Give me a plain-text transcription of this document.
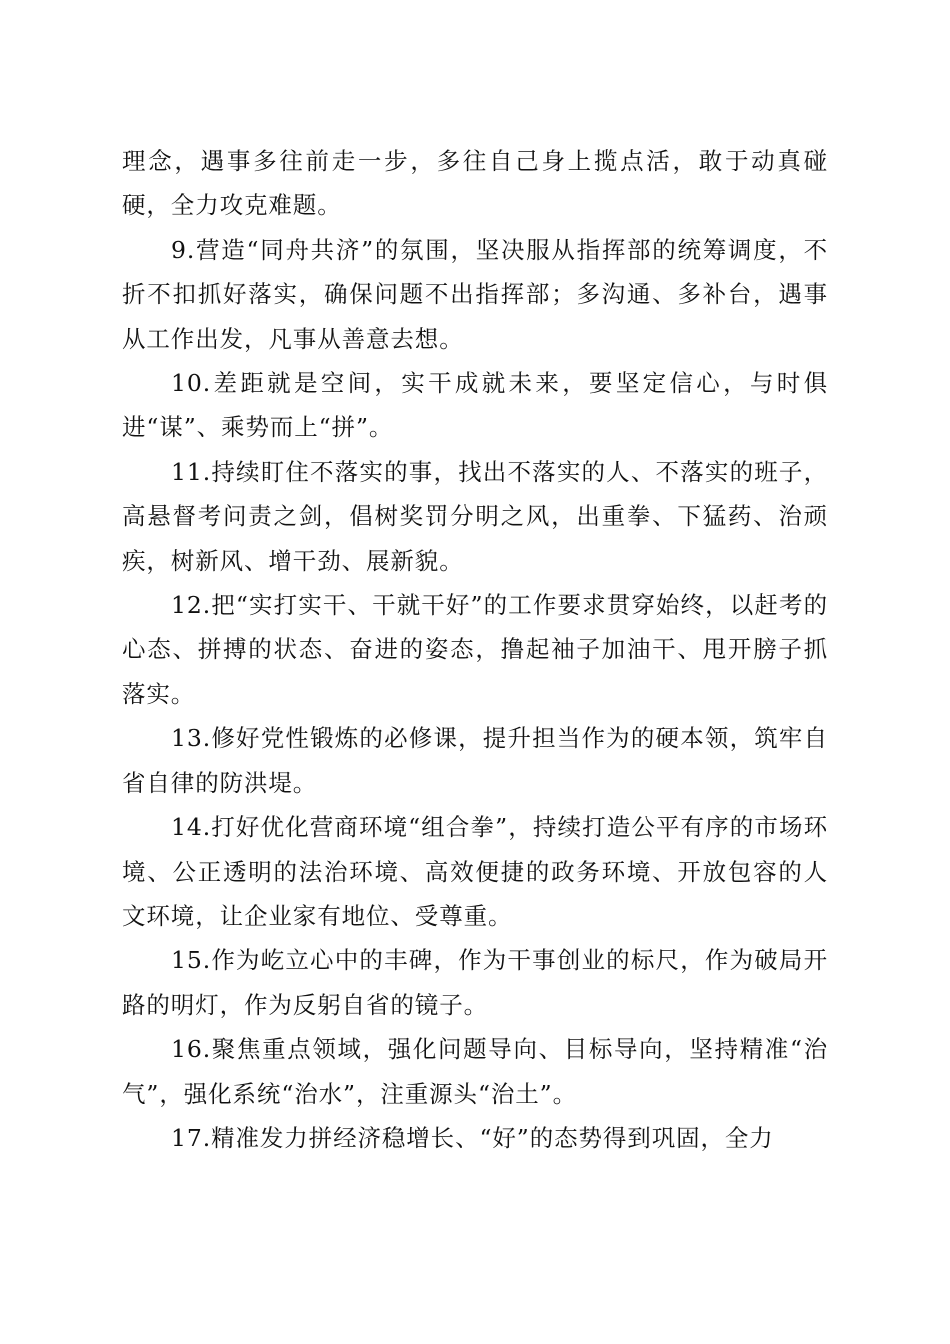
理念，遇事多往前走一步，多往自己身上揽点活，敢于动真碰硬，全力攻克难题。

9.营造“同舟共济”的氛围，坚决服从指挥部的统筹调度，不折不扣抓好落实，确保问题不出指挥部；多沟通、多补台，遇事从工作出发，凡事从善意去想。

10.差距就是空间，实干成就未来，要坚定信心，与时俱进“谋”、乘势而上“拼”。

11.持续盯住不落实的事，找出不落实的人、不落实的班子，高悬督考问责之剑，倡树奖罚分明之风，出重拳、下猛药、治顽疾，树新风、增干劲、展新貌。

12.把“实打实干、干就干好”的工作要求贯穿始终，以赶考的心态、拼搏的状态、奋进的姿态，撸起袖子加油干、甩开膀子抓落实。

13.修好党性锻炼的必修课，提升担当作为的硬本领，筑牢自省自律的防洪堤。

14.打好优化营商环境“组合拳”，持续打造公平有序的市场环境、公正透明的法治环境、高效便捷的政务环境、开放包容的人文环境，让企业家有地位、受尊重。

15.作为屹立心中的丰碑，作为干事创业的标尺，作为破局开路的明灯，作为反躬自省的镜子。

16.聚焦重点领域，强化问题导向、目标导向，坚持精准“治气”，强化系统“治水”，注重源头“治土”。

17.精准发力拼经济稳增长、“好”的态势得到巩固，全力
